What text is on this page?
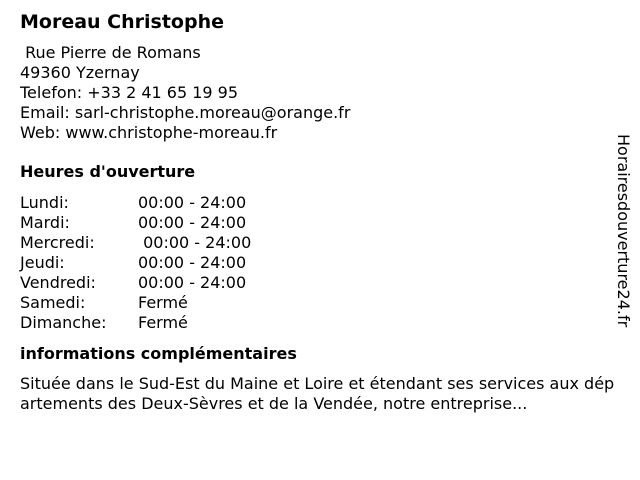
Moreau Christophe
Rue Pierre de Romans
49360 Yzernay
Telefon: +33 2 41 65 19 95
Email: sarl-christophe.moreau@orange.fr
Web: www.christophe-moreau.fr
Heures d'ouverture
Lundi:	00:00 - 24:00
Mardi:	00:00 - 24:00
Mercredi:	00:00 - 24:00
Jeudi:	00:00 - 24:00
Vendredi:	00:00 - 24:00
Samedi:	Fermé
Dimanche:	Fermé
informations complémentaires
Située dans le Sud-Est du Maine et Loire et étendant ses services aux départements des Deux-Sèvres et de la Vendée, notre entreprise...
Horairesdouverture24.fr
